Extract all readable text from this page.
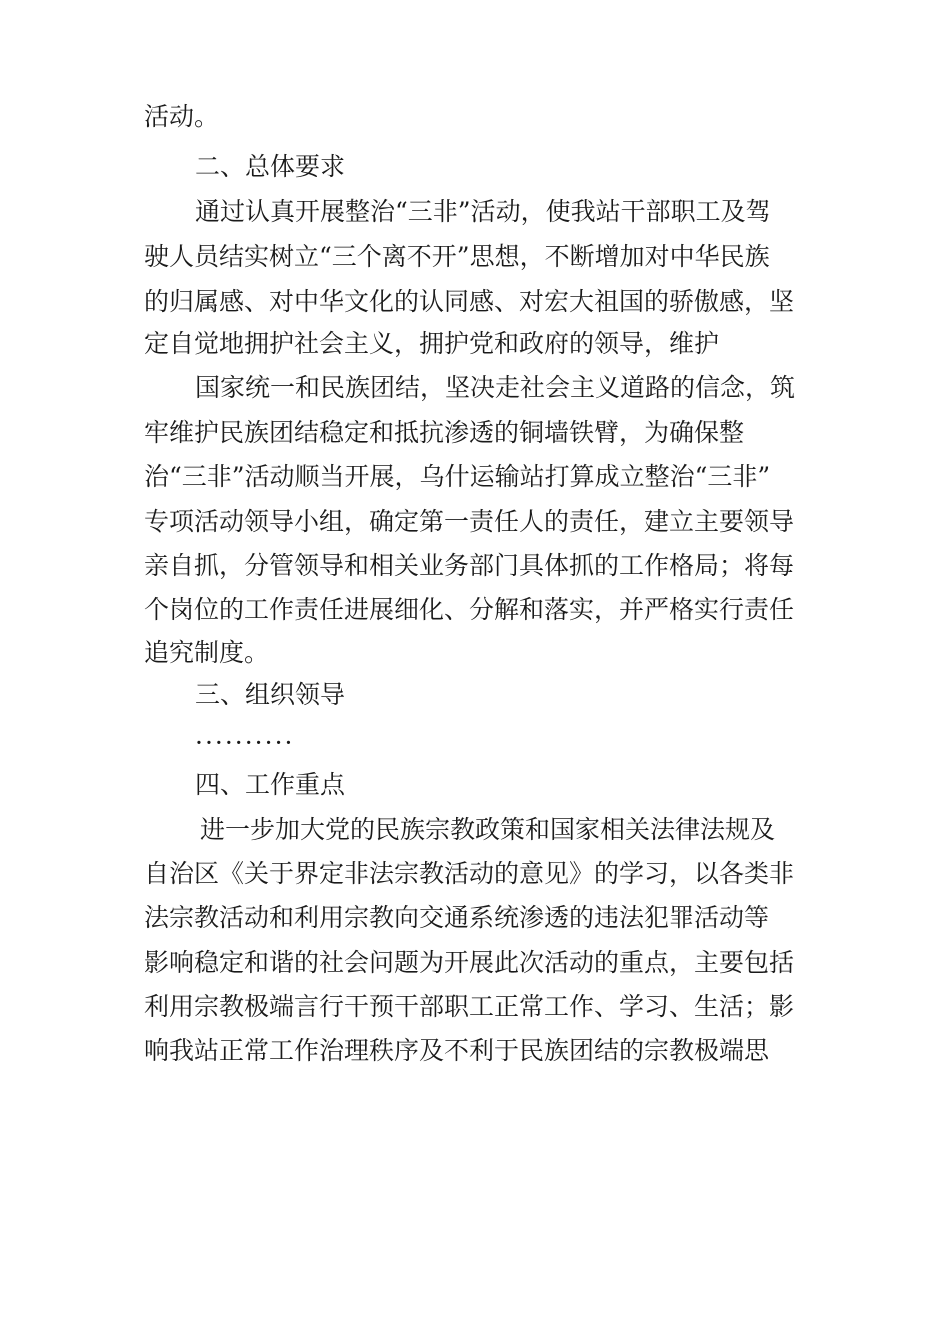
活动。
二、总体要求
通过认真开展整治“三非”活动，使我站干部职工及驾
驶人员结实树立“三个离不开”思想，不断增加对中华民族
的归属感、对中华文化的认同感、对宏大祖国的骄傲感，坚
定自觉地拥护社会主义，拥护党和政府的领导，维护
国家统一和民族团结，坚决走社会主义道路的信念，筑
牢维护民族团结稳定和抵抗渗透的铜墙铁臂，为确保整
治“三非”活动顺当开展，乌什运输站打算成立整治“三非”
专项活动领导小组，确定第一责任人的责任，建立主要领导
亲自抓，分管领导和相关业务部门具体抓的工作格局；将每
个岗位的工作责任进展细化、分解和落实，并严格实行责任
追究制度。
三、组织领导
··········
四、工作重点
进一步加大党的民族宗教政策和国家相关法律法规及
自治区《关于界定非法宗教活动的意见》的学习，以各类非
法宗教活动和利用宗教向交通系统渗透的违法犯罪活动等
影响稳定和谐的社会问题为开展此次活动的重点，主要包括
利用宗教极端言行干预干部职工正常工作、学习、生活；影
响我站正常工作治理秩序及不利于民族团结的宗教极端思
